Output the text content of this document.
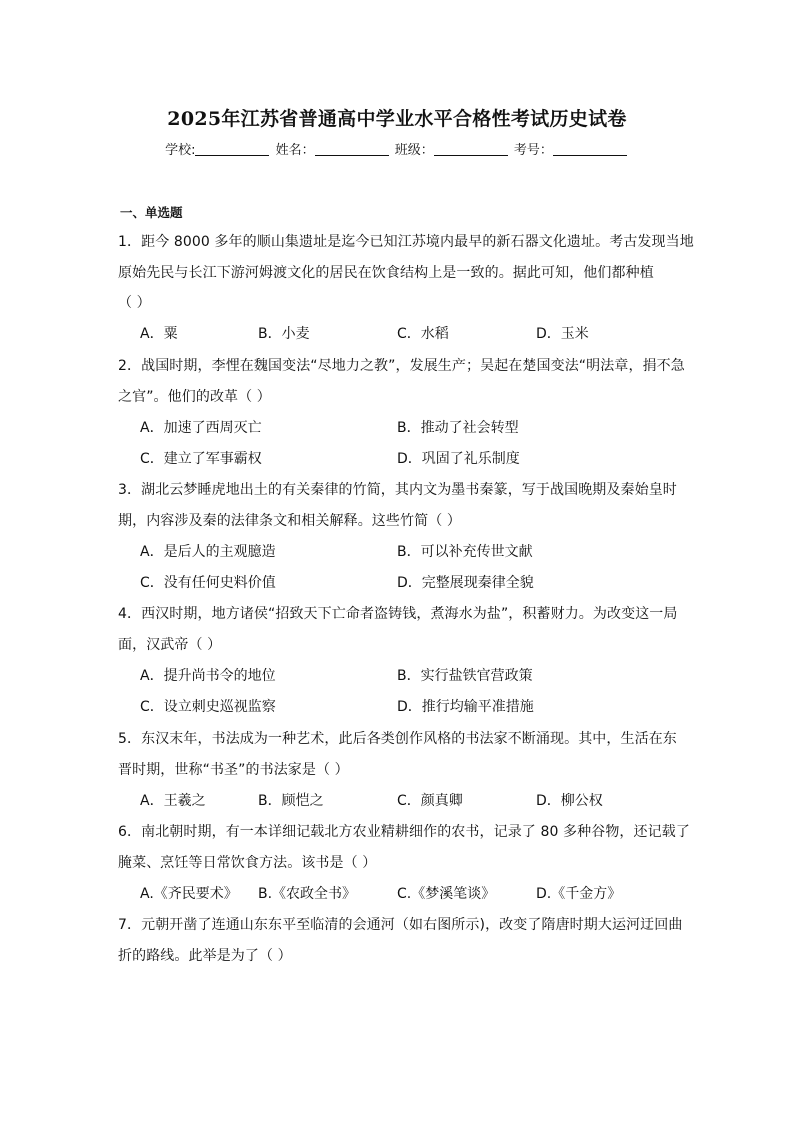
2025年江苏省普通高中学业水平合格性考试历史试卷
学校:	姓名：	班级：	考号：
一、单选题
1．距今 8000 多年的顺山集遗址是迄今已知江苏境内最早的新石器文化遗址。考古发现当地
原始先民与长江下游河姆渡文化的居民在饮食结构上是一致的。据此可知，他们都种植
（ ）
A．粟	B．小麦	C．水稻	D．玉米
2．战国时期，李悝在魏国变法“尽地力之教”，发展生产；吴起在楚国变法“明法章，捐不急
之官”。他们的改革（ ）
A．加速了西周灭亡	B．推动了社会转型
C．建立了军事霸权	D．巩固了礼乐制度
3．湖北云梦睡虎地出土的有关秦律的竹简，其内文为墨书秦篆，写于战国晚期及秦始皇时
期，内容涉及秦的法律条文和相关解释。这些竹简（ ）
A．是后人的主观臆造	B．可以补充传世文献
C．没有任何史料价值	D．完整展现秦律全貌
4．西汉时期，地方诸侯“招致天下亡命者盗铸钱，煮海水为盐”，积蓄财力。为改变这一局
面，汉武帝（ ）
A．提升尚书令的地位	B．实行盐铁官营政策
C．设立刺史巡视监察	D．推行均输平准措施
5．东汉末年，书法成为一种艺术，此后各类创作风格的书法家不断涌现。其中，生活在东
晋时期，世称“书圣”的书法家是（ ）
A．王羲之	B．顾恺之	C．颜真卿	D．柳公权
6．南北朝时期，有一本详细记载北方农业精耕细作的农书，记录了 80 多种谷物，还记载了
腌菜、烹饪等日常饮食方法。该书是（ ）
A.《齐民要术》 B.《农政全书》	C.《梦溪笔谈》	D.《千金方》
7．元朝开凿了连通山东东平至临清的会通河（如右图所示)，改变了隋唐时期大运河迂回曲
折的路线。此举是为了（ ）
